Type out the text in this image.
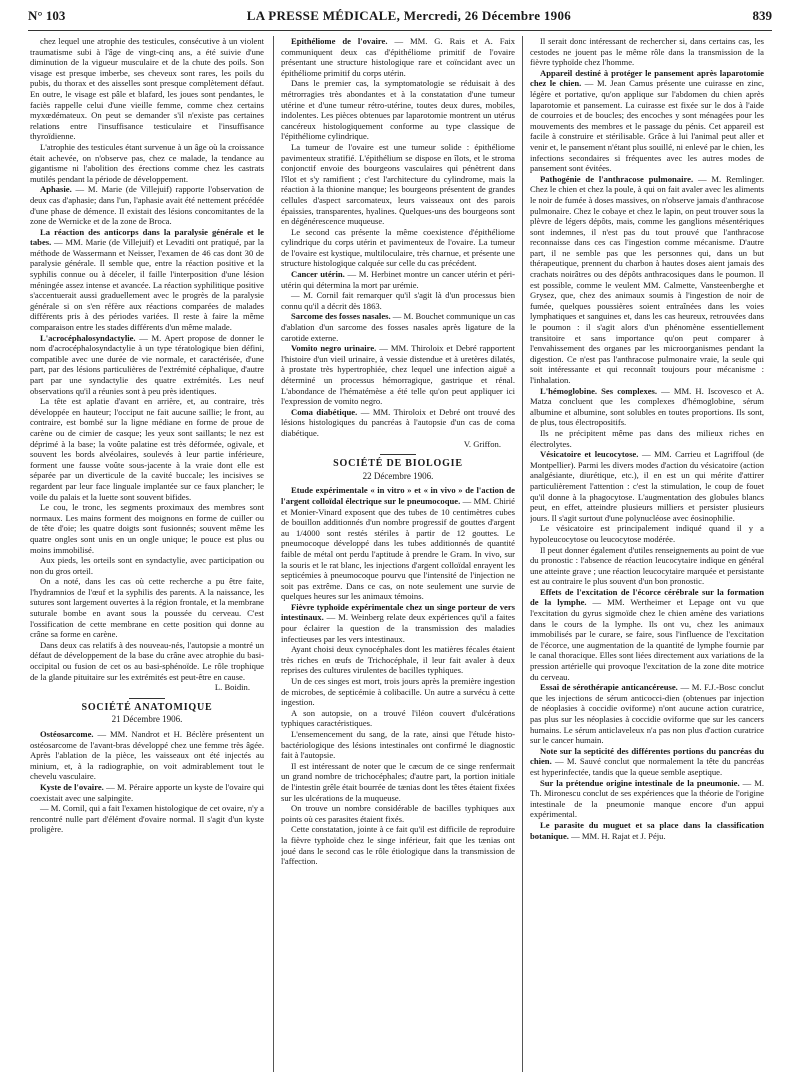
N° 103	LA PRESSE MÉDICALE, Mercredi, 26 Décembre 1906	839

chez lequel une atrophie des testicules, consécutive à un violent traumatisme subi à l'âge de vingt-cinq ans, a été suivie d'une diminution de la vigueur musculaire et de la chute des poils. Son visage est presque imberbe, ses cheveux sont rares, les poils du pubis, du thorax et des aisselles sont presque complètement défaut. En outre, le visage est pâle et blafard, les joues sont pendantes, le faciès rappelle celui d'une vieille femme, comme chez certains myxœdémateux. On peut se demander s'il n'existe pas certaines relations entre l'insuffisance testiculaire et l'insuffisance thyroïdienne.

L'atrophie des testicules étant survenue à un âge où la croissance était achevée, on n'observe pas, chez ce malade, la tendance au gigantisme ni l'abolition des érections comme chez les castrats mutilés pendant la période de développement.

Aphasie. — M. Marie (de Villejuif) rapporte l'observation de deux cas d'aphasie; dans l'un, l'aphasie avait été nettement précédée d'une phase de démence. Il existait des lésions concomitantes de la zone de Wernicke et de la zone de Broca.

La réaction des anticorps dans la paralysie générale et le tabes. — MM. Marie (de Villejuif) et Levaditi ont pratiqué, par la méthode de Wassermann et Neisser, l'examen de 46 cas dont 30 de paralysie générale. Il semble que, entre la réaction positive et la syphilis connue ou à déceler, il faille l'interposition d'une lésion méningée assez intense et avancée. La réaction syphilitique positive s'accentuerait aussi graduellement avec le progrès de la paralysie générale si on s'en réfère aux réactions comparées de malades différents pris à des périodes variées. Il reste à faire la même comparaison entre les stades différents d'un même malade.

L'acrocéphalosyndactylie. — M. Apert propose de donner le nom d'acrocéphalosyndactylie à un type tératologique bien défini, compatible avec une durée de vie normale, et caractérisée, d'une part, par des lésions particulières de l'extrémité céphalique, d'autre part par une syndactylie des quatre extrémités. Les neuf observations qu'il a réunies sont à peu près identiques.

La tête est aplatie d'avant en arrière, et, au contraire, très développée en hauteur; l'occiput ne fait aucune saillie; le front, au contraire, est bombé sur la ligne médiane en forme de proue de carène ou de cimier de casque; les yeux sont saillants; le nez est déprimé à la base; la voûte palatine est très déformée, ogivale, et souvent les bords alvéolaires, soulevés à leur partie inférieure, forment une fausse voûte sous-jacente à la vraie dont elle est séparée par un diverticule de la cavité buccale; les incisives se regardent par leur face linguale implantée sur ce faux plancher; le voile du palais et la luette sont souvent bifides.

Le cou, le tronc, les segments proximaux des membres sont normaux. Les mains forment des moignons en forme de cuiller ou de tête d'oie; les quatre doigts sont fusionnés; souvent même les quatre ongles sont unis en un ongle unique; le pouce est plus ou moins immobilisé.

Aux pieds, les orteils sont en syndactylie, avec participation ou non du gros orteil.

On a noté, dans les cas où cette recherche a pu être faite, l'hydramnios de l'œuf et la syphilis des parents. A la naissance, les sutures sont largement ouvertes à la région frontale, et la membrane suturale bombe en avant sous la poussée du cerveau. C'est l'ossification de cette membrane en cette position qui donne au crâne sa forme en carène.

Dans deux cas relatifs à des nouveau-nés, l'autopsie a montré un défaut de développement de la base du crâne avec atrophie du basi-occipital ou fusion de cet os au basi-sphénoïde. Le rôle trophique de la glande pituitaire sur les extrémités est peut-être en cause.

L. Boidin.

SOCIÉTÉ ANATOMIQUE
21 Décembre 1906.

Ostéosarcome. — MM. Nandrot et H. Béclère présentent un ostéosarcome de l'avant-bras développé chez une femme très âgée. Après l'ablation de la pièce, les vaisseaux ont été injectés au minium, et, à la radiographie, on voit admirablement tout le chevelu vasculaire.

Kyste de l'ovaire. — M. Péraire apporte un kyste de l'ovaire qui coexistait avec une salpingite.

— M. Cornil, qui a fait l'examen histologique de cet ovaire, n'y a rencontré nulle part d'élément d'ovaire normal. Il s'agit d'un kyste proligère.

Epithéliome de l'ovaire. — MM. G. Rais et A. Faix communiquent deux cas d'épithéliome primitif de l'ovaire présentant une structure histologique rare et coïncidant avec un épithéliome primitif du corps utérin.

Dans le premier cas, la symptomatologie se réduisait à des métrorragies très abondantes et à la constatation d'une tumeur utérine et d'une tumeur rétro-utérine, toutes deux dures, mobiles, indolentes. Les pièces obtenues par laparotomie montrent un utérus cancéreux histologiquement conforme au type classique de l'épithéliome cylindrique.

La tumeur de l'ovaire est une tumeur solide : épithéliome pavimenteux stratifié. L'épithélium se dispose en îlots, et le stroma conjonctif envoie des bourgeons vasculaires qui pénètrent dans l'îlot et s'y ramifient ; c'est l'architecture du cylindrome, mais la réaction à la thionine manque; les bourgeons présentent de grandes cellules d'aspect sarcomateux, leurs vaisseaux ont des parois épaissies, transparentes, hyalines. Quelques-uns des bourgeons sont en dégénérescence muqueuse.

Le second cas présente la même coexistence d'épithéliome cylindrique du corps utérin et pavimenteux de l'ovaire. La tumeur de l'ovaire est kystique, multiloculaire, très charnue, et présente une structure histologique calquée sur celle du cas précédent.

Cancer utérin. — M. Herbinet montre un cancer utérin et péri-utérin qui détermina la mort par urémie.

— M. Cornil fait remarquer qu'il s'agit là d'un processus bien connu qu'il a décrit dès 1863.

Sarcome des fosses nasales. — M. Bouchet communique un cas d'ablation d'un sarcome des fosses nasales après ligature de la carotide externe.

Vomito negro urinaire. — MM. Thiroloix et Debré rapportent l'histoire d'un vieil urinaire, à vessie distendue et à uretères dilatés, à prostate très hypertrophiée, chez lequel une infection aiguë a déterminé un processus hémorragique, gastrique et rénal. L'abondance de l'hématémèse a été telle qu'on peut appliquer ici l'expression de vomito negro.

Coma diabétique. — MM. Thiroloix et Debré ont trouvé des lésions histologiques du pancréas à l'autopsie d'un cas de coma diabétique.

V. Griffon.

SOCIÉTÉ DE BIOLOGIE
22 Décembre 1906.

Etude expérimentale « in vitro » et « in vivo » de l'action de l'argent colloïdal électrique sur le pneumocoque. — MM. Chirié et Monier-Vinard exposent que des tubes de 10 centimètres cubes de bouillon additionnés d'un nombre progressif de gouttes d'argent au 1/4000 sont restés stériles à partir de 12 gouttes. Le pneumocoque développé dans les tubes additionnés de quantité faible de métal ont perdu l'aptitude à prendre le Gram. In vivo, sur la souris et le rat blanc, les injections d'argent colloïdal enrayent les septicémies à pneumocoque pourvu que l'intensité de l'injection ne soit pas extrême. Dans ce cas, on note seulement une survie de quelques heures sur les animaux témoins.

Fièvre typhoïde expérimentale chez un singe porteur de vers intestinaux. — M. Weinberg relate deux expériences qu'il a faites pour éclairer la question de la transmission des maladies infectieuses par les vers intestinaux.

Ayant choisi deux cynocéphales dont les matières fécales étaient très riches en œufs de Trichocéphale, il leur fait avaler à deux reprises des cultures virulentes de bacilles typhiques.

Un de ces singes est mort, trois jours après la première ingestion de microbes, de septicémie à colibacille. Un autre a survécu à cette ingestion.

A son autopsie, on a trouvé l'iléon couvert d'ulcérations typhiques caractéristiques.

L'ensemencement du sang, de la rate, ainsi que l'étude histo-bactériologique des lésions intestinales ont confirmé le diagnostic fait à l'autopsie.

Il est intéressant de noter que le cæcum de ce singe renfermait un grand nombre de trichocéphales; d'autre part, la portion initiale de l'intestin grêle était bourrée de tænias dont les têtes étaient fixées sur les ulcérations de la muqueuse.

On trouve un nombre considérable de bacilles typhiques aux points où ces parasites étaient fixés.

Cette constatation, jointe à ce fait qu'il est difficile de reproduire la fièvre typhoïde chez le singe inférieur, fait que les tænias ont joué dans le second cas le rôle étiologique dans la transmission de l'affection.

Il serait donc intéressant de rechercher si, dans certains cas, les cestodes ne jouent pas le même rôle dans la transmission de la fièvre typhoïde chez l'homme.

Appareil destiné à protéger le pansement après laparotomie chez le chien. — M. Jean Camus présente une cuirasse en zinc, légère et portative, qu'on applique sur l'abdomen du chien après laparotomie et pansement. La cuirasse est fixée sur le dos à l'aide de courroies et de boucles; des encoches y sont ménagées pour les mouvements des membres et le passage du pénis. Cet appareil est facile à construire et stérilisable. Grâce à lui l'animal peut aller et venir et, le pansement n'étant plus souillé, ni enlevé par le chien, les infections secondaires si fréquentes avec les autres modes de pansement sont évitées.

Pathogénie de l'anthracose pulmonaire. — M. Remlinger. Chez le chien et chez la poule, à qui on fait avaler avec les aliments le noir de fumée à doses massives, on n'observe jamais d'anthracose pulmonaire. Chez le cobaye et chez le lapin, on peut trouver sous la plèvre de légers dépôts, mais, comme les ganglions mésentériques sont indemnes, il n'est pas du tout prouvé que l'anthracose reconnaisse dans ces cas l'ingestion comme mécanisme. D'autre part, il ne semble pas que les personnes qui, dans un but thérapeutique, prennent du charbon à hautes doses aient jamais des crachats noirâtres ou des dépôts anthracosiques dans le poumon. Il est possible, comme le veulent MM. Calmette, Vansteenberghe et Grysez, que, chez des animaux soumis à l'ingestion de noir de fumée, quelques poussières soient entraînées dans les voies lymphatiques et sanguines et, dans les cas heureux, retrouvées dans le poumon : il s'agit alors d'un phénomène essentiellement transitoire et sans importance qu'on peut comparer à l'envahissement des organes par les microorganismes pendant la digestion. Ce n'est pas l'anthracose pulmonaire vraie, la seule qui soit intéressante et qui reconnaît toujours pour mécanisme : l'inhalation.

L'hémoglobine. Ses complexes. — MM. H. Iscovesco et A. Matza concluent que les complexes d'hémoglobine, sérum albumine et albumine, sont solubles en toutes proportions. Ils sont, de plus, tous électropositifs.

Ils ne précipitent même pas dans des milieux riches en électrolytes.

Vésicatoire et leucocytose. — MM. Carrieu et Lagriffoul (de Montpellier). Parmi les divers modes d'action du vésicatoire (action analgésiante, diurétique, etc.), il en est un qui mérite d'attirer particulièrement l'attention : c'est la stimulation, le coup de fouet qu'il donne à la phagocytose. L'augmentation des globules blancs peut, en effet, atteindre plusieurs milliers et persister plusieurs jours. Il s'agit surtout d'une polynucléose avec éosinophilie.

Le vésicatoire est principalement indiqué quand il y a hypoleucocytose ou leucocytose modérée.

Il peut donner également d'utiles renseignements au point de vue du pronostic : l'absence de réaction leucocytaire indique en général une atteinte grave ; une réaction leucocytaire marquée et persistante est au contraire le plus souvent d'un bon pronostic.

Effets de l'excitation de l'écorce cérébrale sur la formation de la lymphe. — MM. Wertheimer et Lepage ont vu que l'excitation du gyrus sigmoïde chez le chien amène des variations dans le cours de la lymphe. Ils ont vu, chez les animaux immobilisés par le curare, se faire, sous l'influence de l'excitation de l'écorce, une augmentation de la quantité de lymphe fournie par le canal thoracique. Elles sont liées directement aux variations de la pression artérielle qui provoque l'excitation de la zone dite motrice du cerveau.

Essai de sérothérapie anticancéreuse. — M. F.J.-Bosc conclut que les injections de sérum anticocci-dien (obtenues par injection de néoplasies à coccidie oviforme) n'ont aucune action curatrice, pas plus sur les néoplasies à coccidie oviforme que sur les cancers humains. Le sérum anticlaveleux n'a pas non plus d'action curatrice sur le cancer humain.

Note sur la septicité des différentes portions du pancréas du chien. — M. Sauvé conclut que normalement la tête du pancréas est hyperinfectée, tandis que la queue semble aseptique.

Sur la prétendue origine intestinale de la pneumonie. — M. Th. Mironescu conclut de ses expériences que la théorie de l'origine intestinale de la pneumonie manque encore d'un appui expérimental.

Le parasite du muguet et sa place dans la classification botanique. — MM. H. Rajat et J. Péju.
